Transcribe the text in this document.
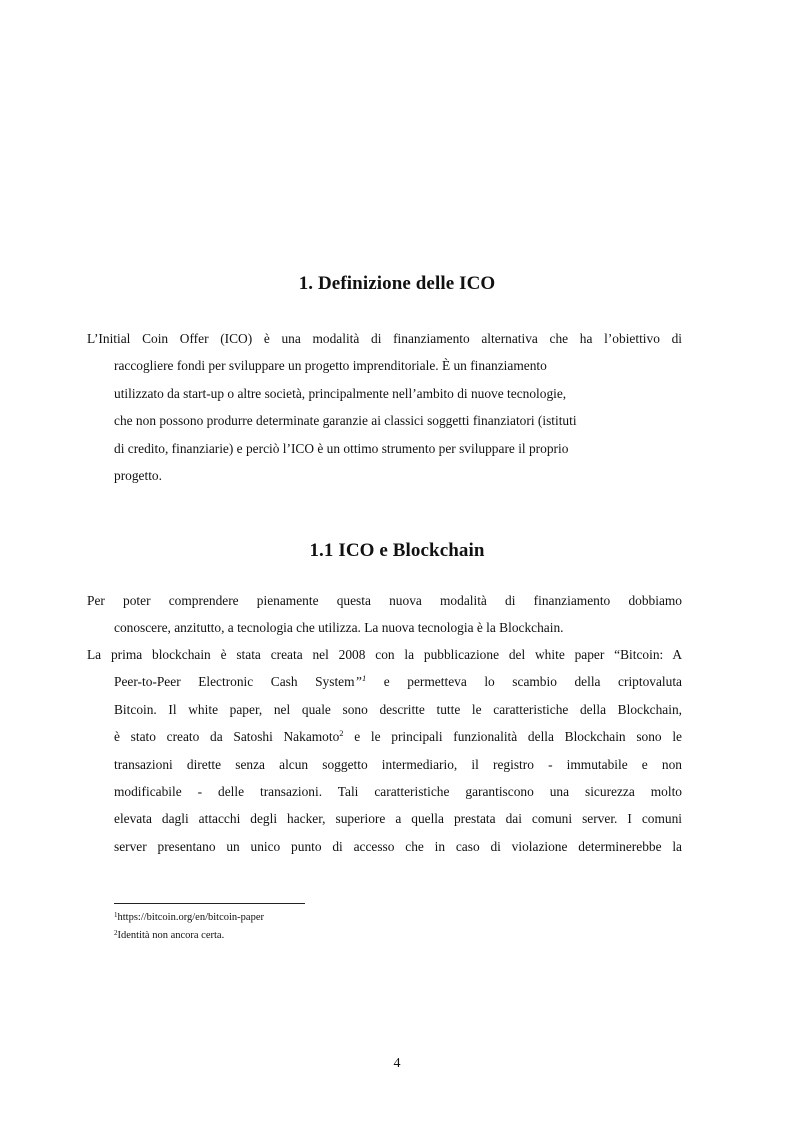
1. Definizione delle ICO
L’Initial Coin Offer (ICO) è una modalità di finanziamento alternativa che ha l’obiettivo di
raccogliere fondi per sviluppare un progetto imprenditoriale. È un finanziamento
utilizzato da start-up o altre società, principalmente nell’ambito di nuove tecnologie,
che non possono produrre determinate garanzie ai classici soggetti finanziatori (istituti
di credito, finanziarie) e perciò l’ICO è un ottimo strumento per sviluppare il proprio
progetto.
1.1 ICO e Blockchain
Per poter comprendere pienamente questa nuova modalità di finanziamento dobbiamo
conoscere, anzitutto, a tecnologia che utilizza. La nuova tecnologia è la Blockchain.
La prima blockchain è stata creata nel 2008 con la pubblicazione del white paper “Bitcoin: A
Peer-to-Peer Electronic Cash System”$^1$ e permetteva lo scambio della criptovaluta
Bitcoin. Il white paper, nel quale sono descritte tutte le caratteristiche della Blockchain,
è stato creato da Satoshi Nakamoto$^2$ e le principali funzionalità della Blockchain sono le
transazioni dirette senza alcun soggetto intermediario, il registro - immutabile e non
modificabile - delle transazioni. Tali caratteristiche garantiscono una sicurezza molto
elevata dagli attacchi degli hacker, superiore a quella prestata dai comuni server. I comuni
server presentano un unico punto di accesso che in caso di violazione determinerebbe la
$^1$https://bitcoin.org/en/bitcoin-paper
$^2$Identità non ancora certa.
4
